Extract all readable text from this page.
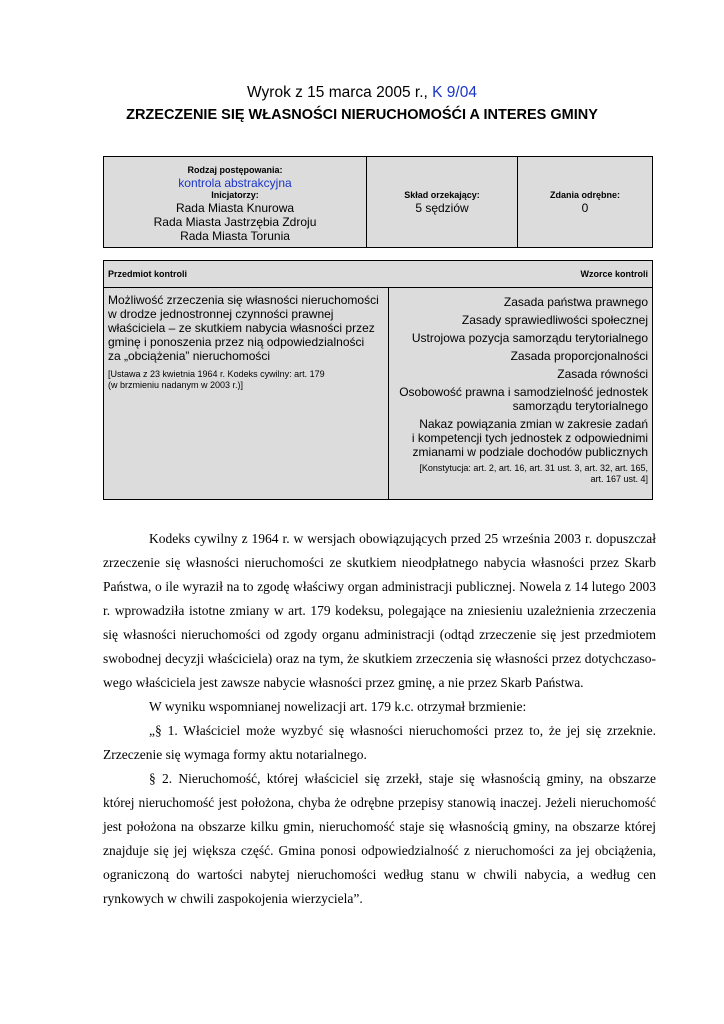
Wyrok z 15 marca 2005 r., K 9/04
ZRZECZENIE SIĘ WŁASNOŚCI NIERUCHOMOŚĆI A INTERES GMINY
Rodzaj postępowania:
kontrola abstrakcyjna
Inicjatorzy:
Rada Miasta Knurowa
Rada Miasta Jastrzębia Zdroju
Rada Miasta Torunia
Skład orzekający:
5 sędziów
Zdania odrębne:
0
Przedmiot kontroli	Wzorce kontroli
Możliwość zrzeczenia się własności nieruchomości
w drodze jednostronnej czynności prawnej
właściciela – ze skutkiem nabycia własności przez
gminę i ponoszenia przez nią odpowiedzialności
za „obciążenia” nieruchomości
[Ustawa z 23 kwietnia 1964 r. Kodeks cywilny: art. 179
(w brzmieniu nadanym w 2003 r.)]
Zasada państwa prawnego
Zasady sprawiedliwości społecznej
Ustrojowa pozycja samorządu terytorialnego
Zasada proporcjonalności
Zasada równości
Osobowość prawna i samodzielność jednostek
samorządu terytorialnego
Nakaz powiązania zmian w zakresie zadań
i kompetencji tych jednostek z odpowiednimi
zmianami w podziale dochodów publicznych
[Konstytucja: art. 2, art. 16, art. 31 ust. 3, art. 32, art. 165,
art. 167 ust. 4]

Kodeks cywilny z 1964 r. w wersjach obowiązujących przed 25 września 2003 r. dopuszczał zrzeczenie się własności nieruchomości ze skutkiem nieodpłatnego nabycia własności przez Skarb Państwa, o ile wyraził na to zgodę właściwy organ administracji publicznej. Nowela z 14 lutego 2003 r. wprowadziła istotne zmiany w art. 179 kodeksu, polegające na zniesieniu uzależnienia zrzeczenia się własności nieruchomości od zgody organu administracji (odtąd zrzeczenie się jest przedmiotem swobodnej decyzji właściciela) oraz na tym, że skutkiem zrzeczenia się własności przez dotychczasowego właściciela jest zawsze nabycie własności przez gminę, a nie przez Skarb Państwa.

W wyniku wspomnianej nowelizacji art. 179 k.c. otrzymał brzmienie:

„§ 1. Właściciel może wyzbyć się własności nieruchomości przez to, że jej się zrzeknie. Zrzeczenie się wymaga formy aktu notarialnego.

§ 2. Nieruchomość, której właściciel się zrzekł, staje się własnością gminy, na obszarze której nieruchomość jest położona, chyba że odrębne przepisy stanowią inaczej. Jeżeli nieruchomość jest położona na obszarze kilku gmin, nieruchomość staje się własnością gminy, na obszarze której znajduje się jej większa część. Gmina ponosi odpowiedzialność z nieruchomości za jej obciążenia, ograniczoną do wartości nabytej nieruchomości według stanu w chwili nabycia, a według cen rynkowych w chwili zaspokojenia wierzyciela”.
